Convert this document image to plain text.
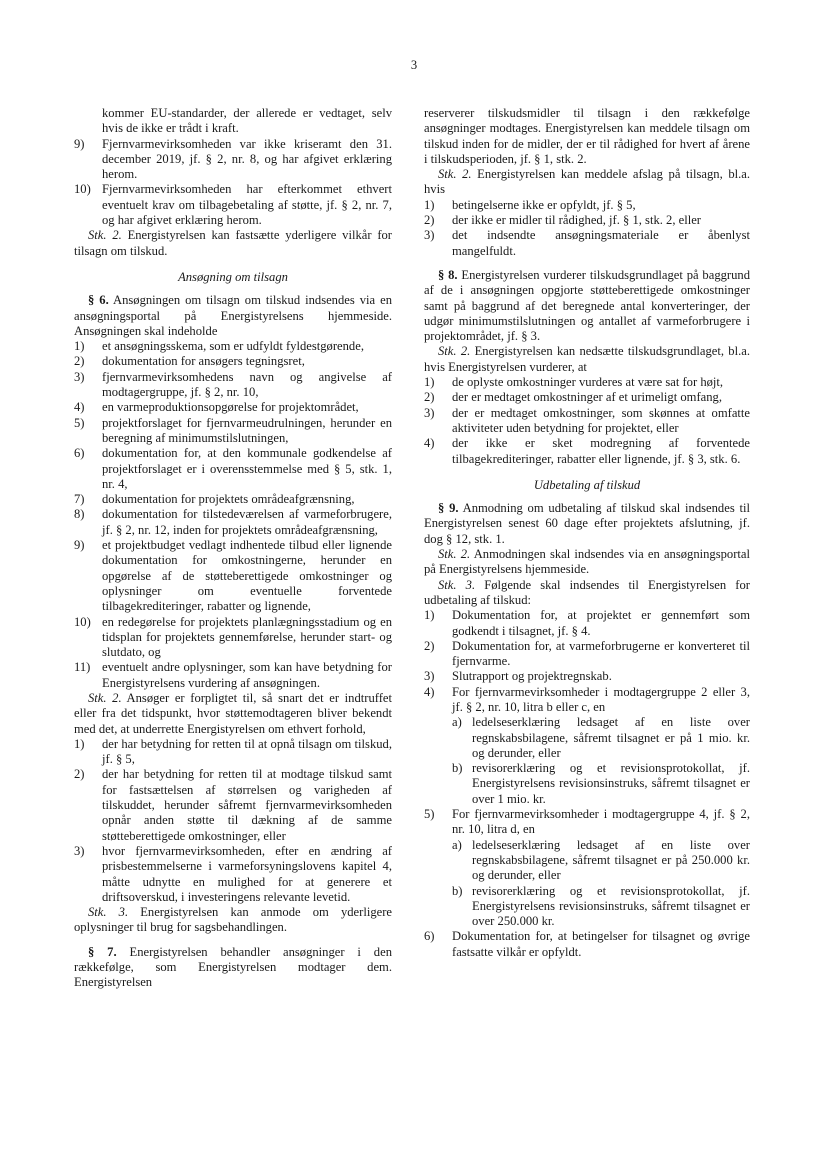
3

kommer EU-standarder, der allerede er vedtaget, selv hvis de ikke er trådt i kraft.

9)	Fjernvarmevirksomheden var ikke kriseramt den 31. december 2019, jf. § 2, nr. 8, og har afgivet erklæring herom.
10) Fjernvarmevirksomheden har efterkommet ethvert eventuelt krav om tilbagebetaling af støtte, jf. § 2, nr. 7, og har afgivet erklæring herom.

Stk. 2. Energistyrelsen kan fastsætte yderligere vilkår for tilsagn om tilskud.

Ansøgning om tilsagn

§ 6. Ansøgningen om tilsagn om tilskud indsendes via en ansøgningsportal på Energistyrelsens hjemmeside. Ansøgningen skal indeholde

1)	et ansøgningsskema, som er udfyldt fyldestgørende,
2)	dokumentation for ansøgers tegningsret,
3)	fjernvarmevirksomhedens navn og angivelse af modtagergruppe, jf. § 2, nr. 10,
4)	en varmeproduktionsopgørelse for projektområdet,
5)	projektforslaget for fjernvarmeudrulningen, herunder en beregning af minimumstilslutningen,
6)	dokumentation for, at den kommunale godkendelse af projektforslaget er i overensstemmelse med § 5, stk. 1, nr. 4,
7)	dokumentation for projektets områdeafgrænsning,
8)	dokumentation for tilstedeværelsen af varmeforbrugere, jf. § 2, nr. 12, inden for projektets områdeafgrænsning,
9)	et projektbudget vedlagt indhentede tilbud eller lignende dokumentation for omkostningerne, herunder en opgørelse af de støtteberettigede omkostninger og oplysninger om eventuelle forventede tilbagekrediteringer, rabatter og lignende,
10) en redegørelse for projektets planlægningsstadium og en tidsplan for projektets gennemførelse, herunder start- og slutdato, og
11) eventuelt andre oplysninger, som kan have betydning for Energistyrelsens vurdering af ansøgningen.

Stk. 2. Ansøger er forpligtet til, så snart det er indtruffet eller fra det tidspunkt, hvor støttemodtageren bliver bekendt med det, at underrette Energistyrelsen om ethvert forhold,

1)	der har betydning for retten til at opnå tilsagn om tilskud, jf. § 5,
2)	der har betydning for retten til at modtage tilskud samt for fastsættelsen af størrelsen og varigheden af tilskuddet, herunder såfremt fjernvarmevirksomheden opnår anden støtte til dækning af de samme støtteberettigede omkostninger, eller
3)	hvor fjernvarmevirksomheden, efter en ændring af prisbestemmelserne i varmeforsyningslovens kapitel 4, måtte udnytte en mulighed for at generere et driftsoverskud, i investeringens relevante levetid.

Stk. 3. Energistyrelsen kan anmode om yderligere oplysninger til brug for sagsbehandlingen.

§ 7. Energistyrelsen behandler ansøgninger i den rækkefølge, som Energistyrelsen modtager dem. Energistyrelsen

reserverer tilskudsmidler til tilsagn i den rækkefølge ansøgninger modtages. Energistyrelsen kan meddele tilsagn om tilskud inden for de midler, der er til rådighed for hvert af årene i tilskudsperioden, jf. § 1, stk. 2.

Stk. 2. Energistyrelsen kan meddele afslag på tilsagn, bl.a. hvis

1)	betingelserne ikke er opfyldt, jf. § 5,
2)	der ikke er midler til rådighed, jf. § 1, stk. 2, eller
3)	det indsendte ansøgningsmateriale er åbenlyst mangelfuldt.

§ 8. Energistyrelsen vurderer tilskudsgrundlaget på baggrund af de i ansøgningen opgjorte støtteberettigede omkostninger samt på baggrund af det beregnede antal konverteringer, der udgør minimumstilslutningen og antallet af varmeforbrugere i projektområdet, jf. § 3.

Stk. 2. Energistyrelsen kan nedsætte tilskudsgrundlaget, bl.a. hvis Energistyrelsen vurderer, at

1)	de oplyste omkostninger vurderes at være sat for højt,
2)	der er medtaget omkostninger af et urimeligt omfang,
3)	der er medtaget omkostninger, som skønnes at omfatte aktiviteter uden betydning for projektet, eller
4)	der ikke er sket modregning af forventede tilbagekrediteringer, rabatter eller lignende, jf. § 3, stk. 6.

Udbetaling af tilskud

§ 9. Anmodning om udbetaling af tilskud skal indsendes til Energistyrelsen senest 60 dage efter projektets afslutning, jf. dog § 12, stk. 1.

Stk. 2. Anmodningen skal indsendes via en ansøgningsportal på Energistyrelsens hjemmeside.

Stk. 3. Følgende skal indsendes til Energistyrelsen for udbetaling af tilskud:

1)	Dokumentation for, at projektet er gennemført som godkendt i tilsagnet, jf. § 4.
2)	Dokumentation for, at varmeforbrugerne er konverteret til fjernvarme.
3)	Slutrapport og projektregnskab.
4)	For fjernvarmevirksomheder i modtagergruppe 2 eller 3, jf. § 2, nr. 10, litra b eller c, en
a) ledelseserklæring ledsaget af en liste over regnskabsbilagene, såfremt tilsagnet er på 1 mio. kr. og derunder, eller
b) revisorerklæring og et revisionsprotokollat, jf. Energistyrelsens revisionsinstruks, såfremt tilsagnet er over 1 mio. kr.
5)	For fjernvarmevirksomheder i modtagergruppe 4, jf. § 2, nr. 10, litra d, en
a) ledelseserklæring ledsaget af en liste over regnskabsbilagene, såfremt tilsagnet er på 250.000 kr. og derunder, eller
b) revisorerklæring og et revisionsprotokollat, jf. Energistyrelsens revisionsinstruks, såfremt tilsagnet er over 250.000 kr.
6)	Dokumentation for, at betingelser for tilsagnet og øvrige fastsatte vilkår er opfyldt.
